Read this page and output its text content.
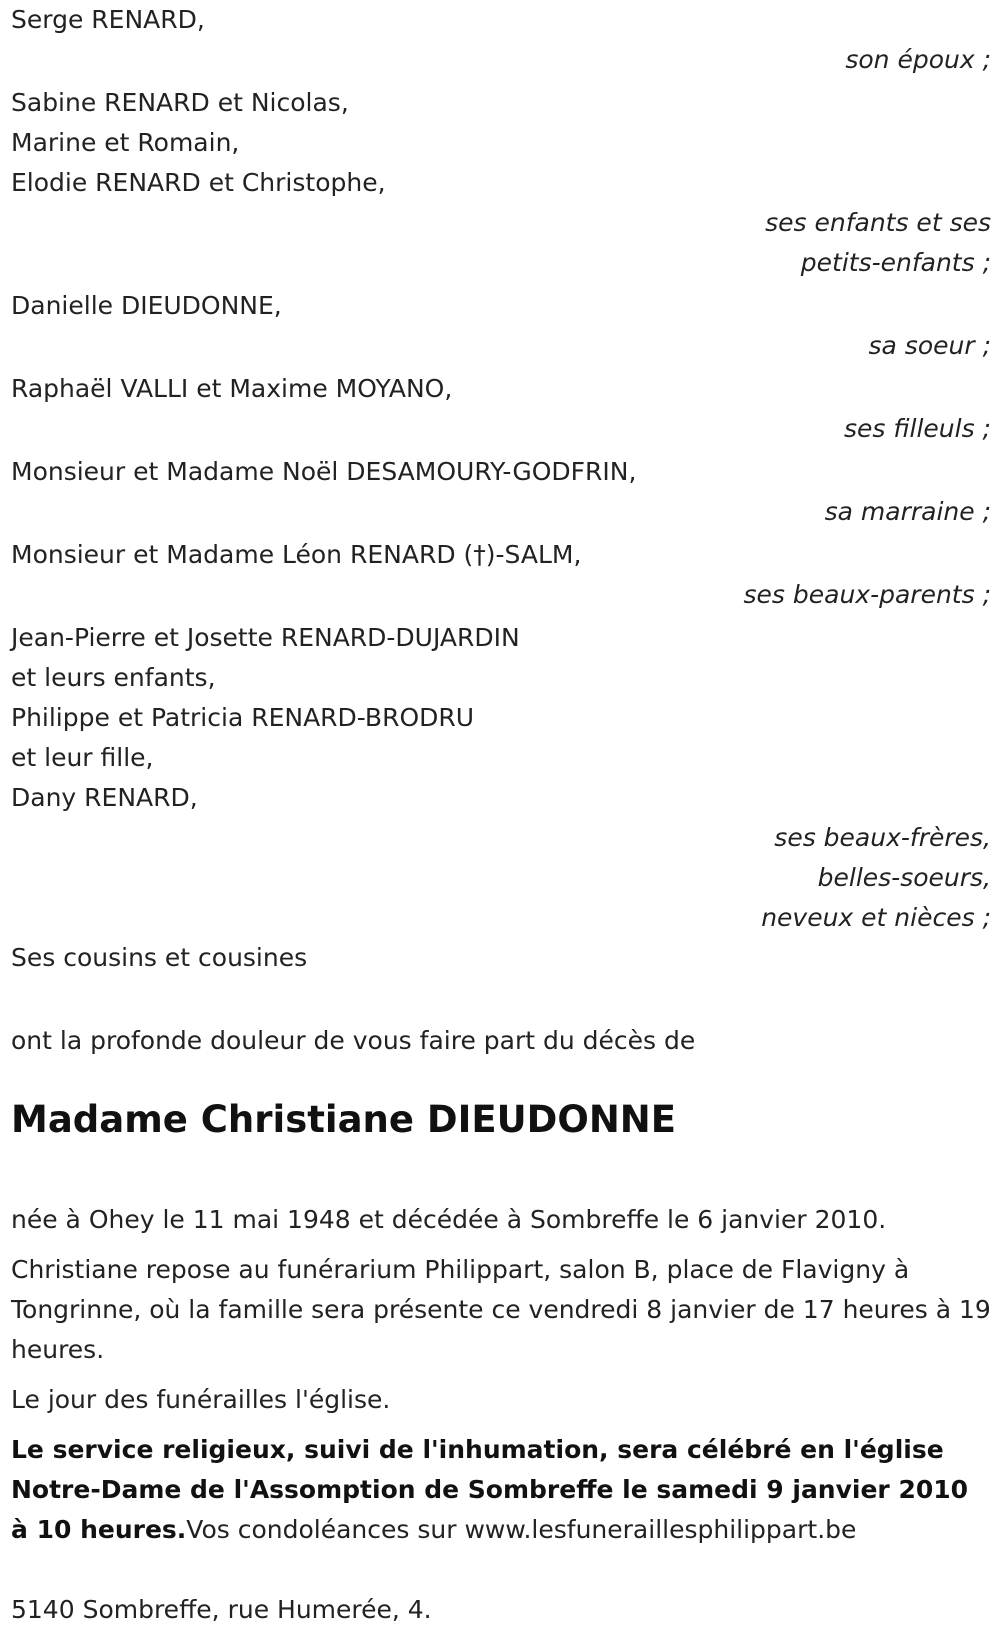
Serge RENARD,
son époux ;
Sabine RENARD et Nicolas,
Marine et Romain,
Elodie RENARD et Christophe,
ses enfants et ses
petits-enfants ;
Danielle DIEUDONNE,
sa soeur ;
Raphaël VALLI et Maxime MOYANO,
ses filleuls ;
Monsieur et Madame Noël DESAMOURY-GODFRIN,
sa marraine ;
Monsieur et Madame Léon RENARD (†)-SALM,
ses beaux-parents ;
Jean-Pierre et Josette RENARD-DUJARDIN
et leurs enfants,
Philippe et Patricia RENARD-BRODRU
et leur fille,
Dany RENARD,
ses beaux-frères,
belles-soeurs,
neveux et nièces ;
Ses cousins et cousines
ont la profonde douleur de vous faire part du décès de
Madame Christiane DIEUDONNE
née à Ohey le 11 mai 1948 et décédée à Sombreffe le 6 janvier 2010.
Christiane repose au funérarium Philippart, salon B, place de Flavigny à Tongrinne, où la famille sera présente ce vendredi 8 janvier de 17 heures à 19 heures.
Le jour des funérailles l'église.
Le service religieux, suivi de l'inhumation, sera célébré en l'église Notre-Dame de l'Assomption de Sombreffe le samedi 9 janvier 2010 à 10 heures.Vos condoléances sur www.lesfuneraillesphilippart.be
5140 Sombreffe, rue Humerée, 4.
